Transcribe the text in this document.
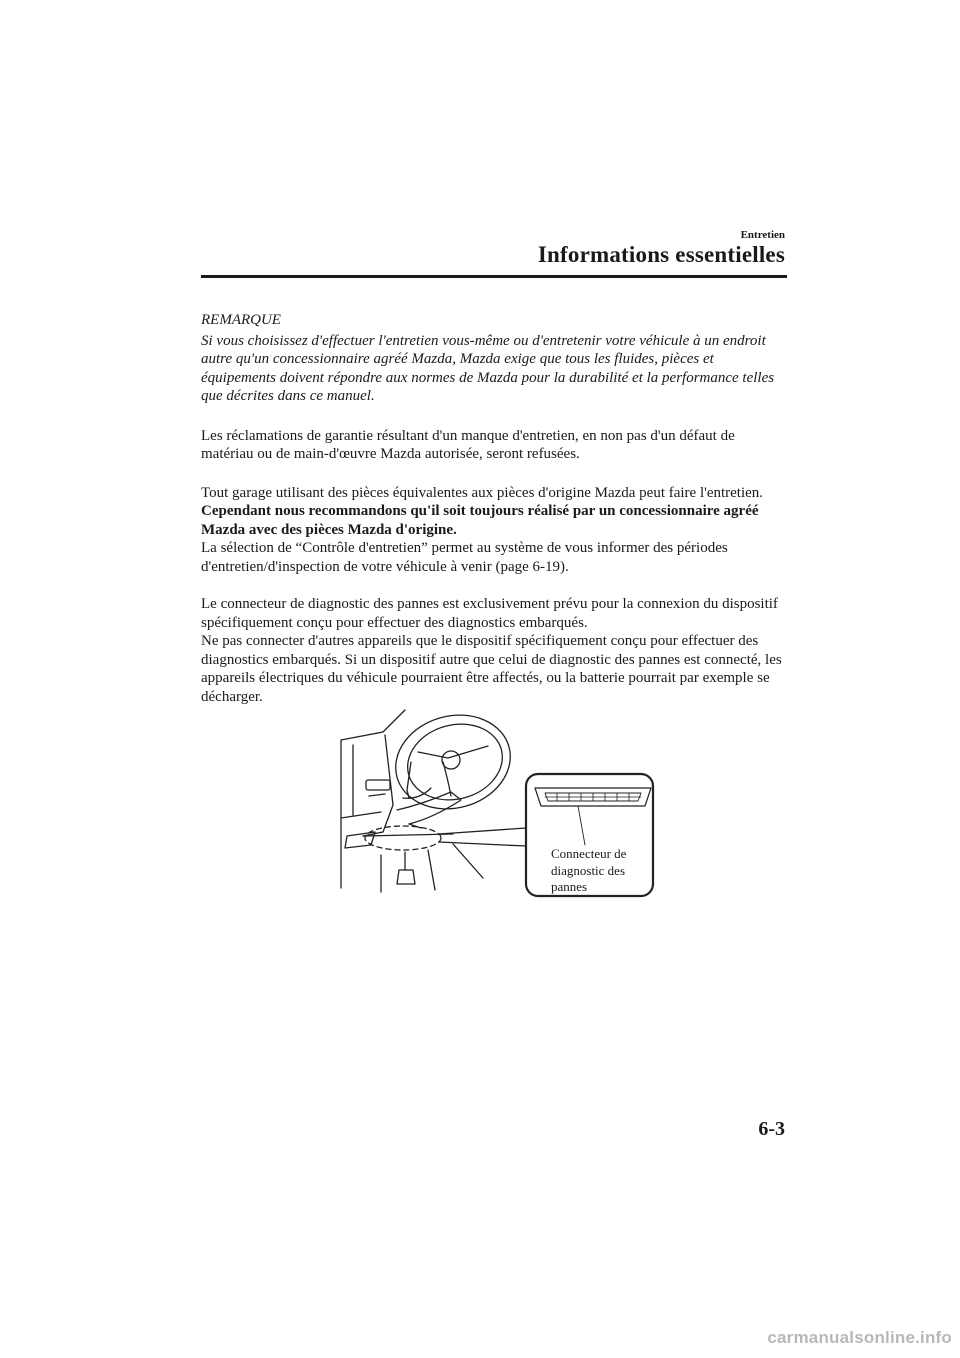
Entretien
Informations essentielles

REMARQUE

Si vous choisissez d'effectuer l'entretien vous-même ou d'entretenir votre véhicule à un endroit autre qu'un concessionnaire agréé Mazda, Mazda exige que tous les fluides, pièces et équipements doivent répondre aux normes de Mazda pour la durabilité et la performance telles que décrites dans ce manuel.

Les réclamations de garantie résultant d'un manque d'entretien, en non pas d'un défaut de matériau ou de main-d'œuvre Mazda autorisée, seront refusées.

Tout garage utilisant des pièces équivalentes aux pièces d'origine Mazda peut faire l'entretien. Cependant nous recommandons qu'il soit toujours réalisé par un concessionnaire agréé Mazda avec des pièces Mazda d'origine.
La sélection de “Contrôle d'entretien” permet au système de vous informer des périodes d'entretien/d'inspection de votre véhicule à venir (page 6-19).
Le connecteur de diagnostic des pannes est exclusivement prévu pour la connexion du dispositif spécifiquement conçu pour effectuer des diagnostics embarqués.
Ne pas connecter d'autres appareils que le dispositif spécifiquement conçu pour effectuer des diagnostics embarqués. Si un dispositif autre que celui de diagnostic des pannes est connecté, les appareils électriques du véhicule pourraient être affectés, ou la batterie pourrait par exemple se décharger.
Connecteur de
diagnostic des
pannes
6-3
carmanualsonline.info
